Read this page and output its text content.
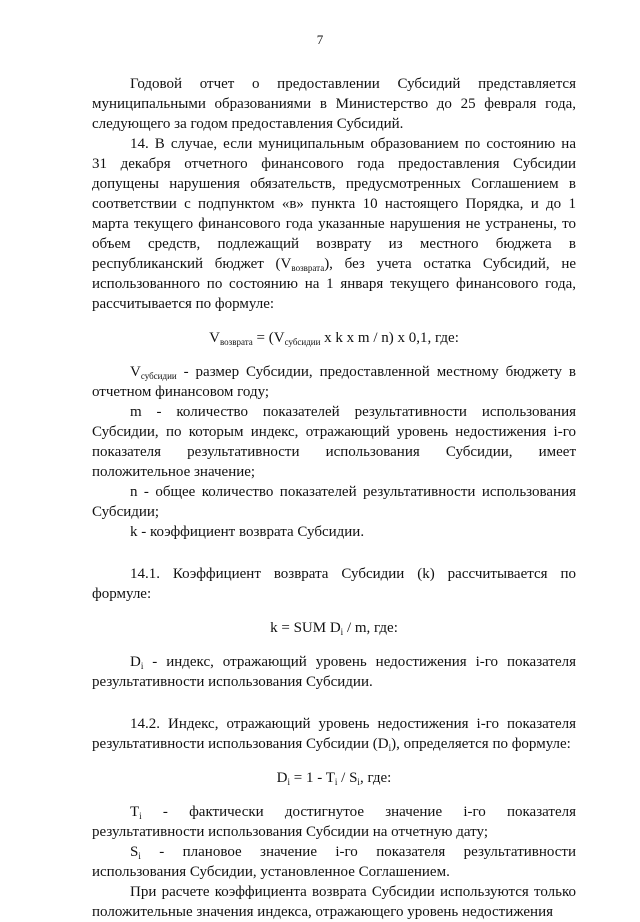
7

Годовой отчет о предоставлении Субсидий представляется муниципальными образованиями в Министерство до 25 февраля года, следующего за годом предоставления Субсидий.

14. В случае, если муниципальным образованием по состоянию на 31 декабря отчетного финансового года предоставления Субсидии допущены нарушения обязательств, предусмотренных Соглашением в соответствии с подпунктом «в» пункта 10 настоящего Порядка, и до 1 марта текущего финансового года указанные нарушения не устранены, то объем средств, подлежащий возврату из местного бюджета в республиканский бюджет $(V_{возврата})$, без учета остатка Субсидий, не использованного по состоянию на 1 января текущего финансового года, рассчитывается по формуле:

$V_{возврата} = (V_{субсидии}$ x k x m / n) x 0,1, где:

$V_{субсидии}$ - размер Субсидии, предоставленной местному бюджету в отчетном финансовом году;

m - количество показателей результативности использования Субсидии, по которым индекс, отражающий уровень недостижения i-го показателя результативности использования Субсидии, имеет положительное значение;

n - общее количество показателей результативности использования Субсидии;

k - коэффициент возврата Субсидии.

14.1. Коэффициент возврата Субсидии (k) рассчитывается по формуле:

k = SUM $D_i$ / m, где:

$D_i$ - индекс, отражающий уровень недостижения i-го показателя результативности использования Субсидии.

14.2. Индекс, отражающий уровень недостижения i-го показателя результативности использования Субсидии $(D_i)$, определяется по формуле:

$D_i = 1 - T_i / S_i$, где:

$T_i$ - фактически достигнутое значение i-го показателя результативности использования Субсидии на отчетную дату;

$S_i$ - плановое значение i-го показателя результативности использования Субсидии, установленное Соглашением.

При расчете коэффициента возврата Субсидии используются только положительные значения индекса, отражающего уровень недостижения
